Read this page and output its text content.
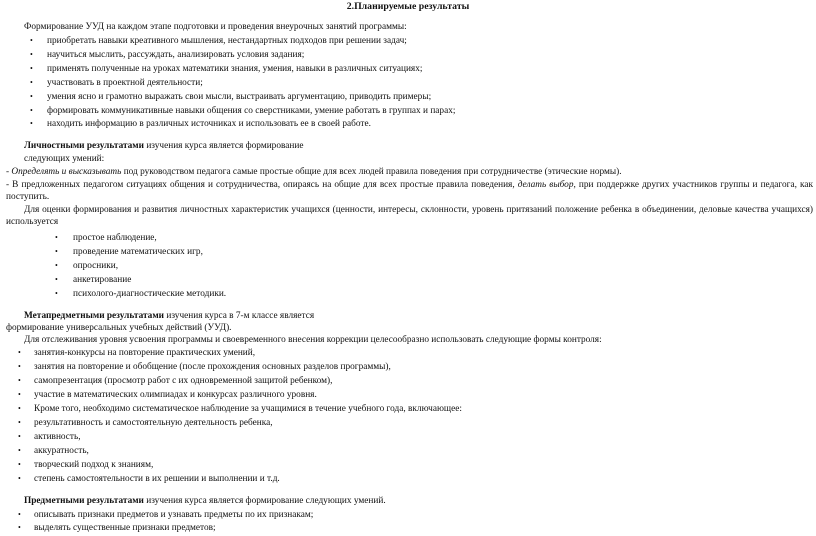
2.Планируемые результаты
Формирование УУД на каждом этапе подготовки и проведения внеурочных занятий программы:
• приобретать навыки креативного мышления, нестандартных подходов при решении задач;
• научиться мыслить, рассуждать, анализировать условия задания;
• применять полученные на уроках математики знания, умения, навыки в различных ситуациях;
• участвовать в проектной деятельности;
• умения ясно и грамотно выражать свои мысли, выстраивать аргументацию, приводить примеры;
• формировать коммуникативные навыки общения со сверстниками, умение работать в группах и парах;
• находить информацию в различных источниках и использовать ее в своей работе.
Личностными результатами изучения курса является формирование
следующих умений:
- Определять и высказывать под руководством педагога самые простые общие для всех людей правила поведения при сотрудничестве (этические нормы).
- В предложенных педагогом ситуациях общения и сотрудничества, опираясь на общие для всех простые правила поведения, делать выбор, при поддержке других участников группы и педагога, как
поступить.
Для оценки формирования и развития личностных характеристик учащихся (ценности, интересы, склонности, уровень притязаний положение ребенка в объединении, деловые качества учащихся)
используется
• простое наблюдение,
• проведение математических игр,
• опросники,
• анкетирование
• психолого-диагностические методики.
Метапредметными результатами изучения курса в 7-м классе является
формирование универсальных учебных действий (УУД).
Для отслеживания уровня усвоения программы и своевременного внесения коррекции целесообразно использовать следующие формы контроля:
• занятия-конкурсы на повторение практических умений,
• занятия на повторение и обобщение (после прохождения основных разделов программы),
• самопрезентация (просмотр работ с их одновременной защитой ребенком),
• участие в математических олимпиадах и конкурсах различного уровня.
• Кроме того, необходимо систематическое наблюдение за учащимися в течение учебного года, включающее:
• результативность и самостоятельную деятельность ребенка,
• активность,
• аккуратность,
• творческий подход к знаниям,
• степень самостоятельности в их решении и выполнении и т.д.
Предметными результатами изучения курса является формирование следующих умений.
• описывать признаки предметов и узнавать предметы по их признакам;
• выделять существенные признаки предметов;
